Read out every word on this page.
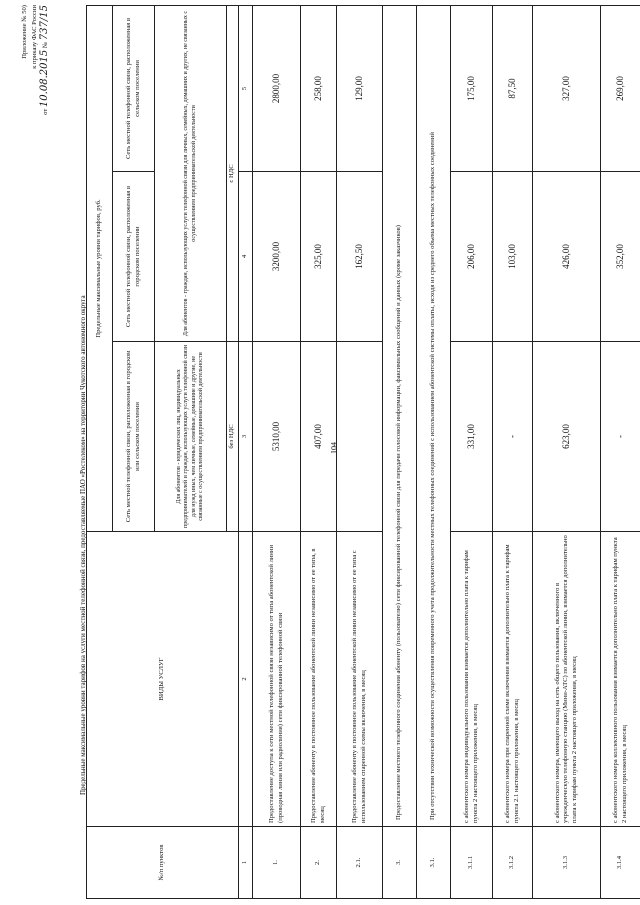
104
Приложение № 50) к приказу ФАС России
от 10.08.2015 № 737/15
Предельные максимальные уровни тарифов на услуги местной телефонной связи, предоставляемые ПАО «Ростелеком» на территории Чукотского автономного округа
№/п пунктов	ВИДЫ УСЛУГ	Предельные максимальные уровни тарифов, руб.		
		Сеть местной телефонной связи, расположенная в городском или сельском поселении	Сеть местной телефонной связи, расположенная в городском поселении	Сеть местной телефонной связи, расположенная в сельском поселении
		Для абонентов - юридических лиц, индивидуальных предпринимателей и граждан, использующих услуги телефонной связи для нужд иных, чем личные, семейные, домашние и другие, не связанные с осуществлением предпринимательской деятельности	Для абонентов - граждан, использующих услуги телефонной связи для личных, семейных, домашних и других, не связанных с осуществлением предпринимательской деятельности	
		без НДС	с НДС	
1	2	3	4	5
1.	Предоставление доступа к сети местной телефонной связи независимо от типа абонентской линии (проводная линия или радиолиния) сети фиксированной телефонной связи	5310,00	3200,00	2800,00
2.	Предоставление абоненту в постоянное пользование абонентской линии независимо от ее типа, в месяц	407,00	325,00	258,00
2.1.	Предоставление абоненту в постоянное пользование абонентской линии независимо от ее типа с использованием спаренной схемы включения, в месяц		162,50	129,00
3.	Предоставление местного телефонного соединения абоненту (пользователю) сети фиксированной телефонной связи для передачи голосовой информации, факсимильных сообщений и данных (кроме заказчиков)			
3.1.	При отсутствии технической возможности осуществления повременного учета продолжительности местных телефонных соединений с использованием абонентской системы оплаты, исходя из среднего объема местных телефонных соединений			
3.1.1	с абонентского номера индивидуального пользования взимается дополнительно плата к тарифам пункта 2 настоящего приложения, в месяц	331,00	206,00	175,00
3.1.2	с абонентского номера при спаренной схеме включения взимается дополнительно плата к тарифам пункта 2.1 настоящего приложения, в месяц	-	103,00	87,50
3.1.3	с абонентского номера, имеющего выход на сеть общего пользования, включенного в учрежденческую телефонную станцию (Мини-АТС) по абонентской линии, взимается дополнительно плата к тарифам пункта 2 настоящего приложения, в месяц	623,00	426,00	327,00
3.1.4	с абонентского номера коллективного пользования взимается дополнительно плата к тарифам пункта 2 настоящего приложения, в месяц	-	352,00	269,00
